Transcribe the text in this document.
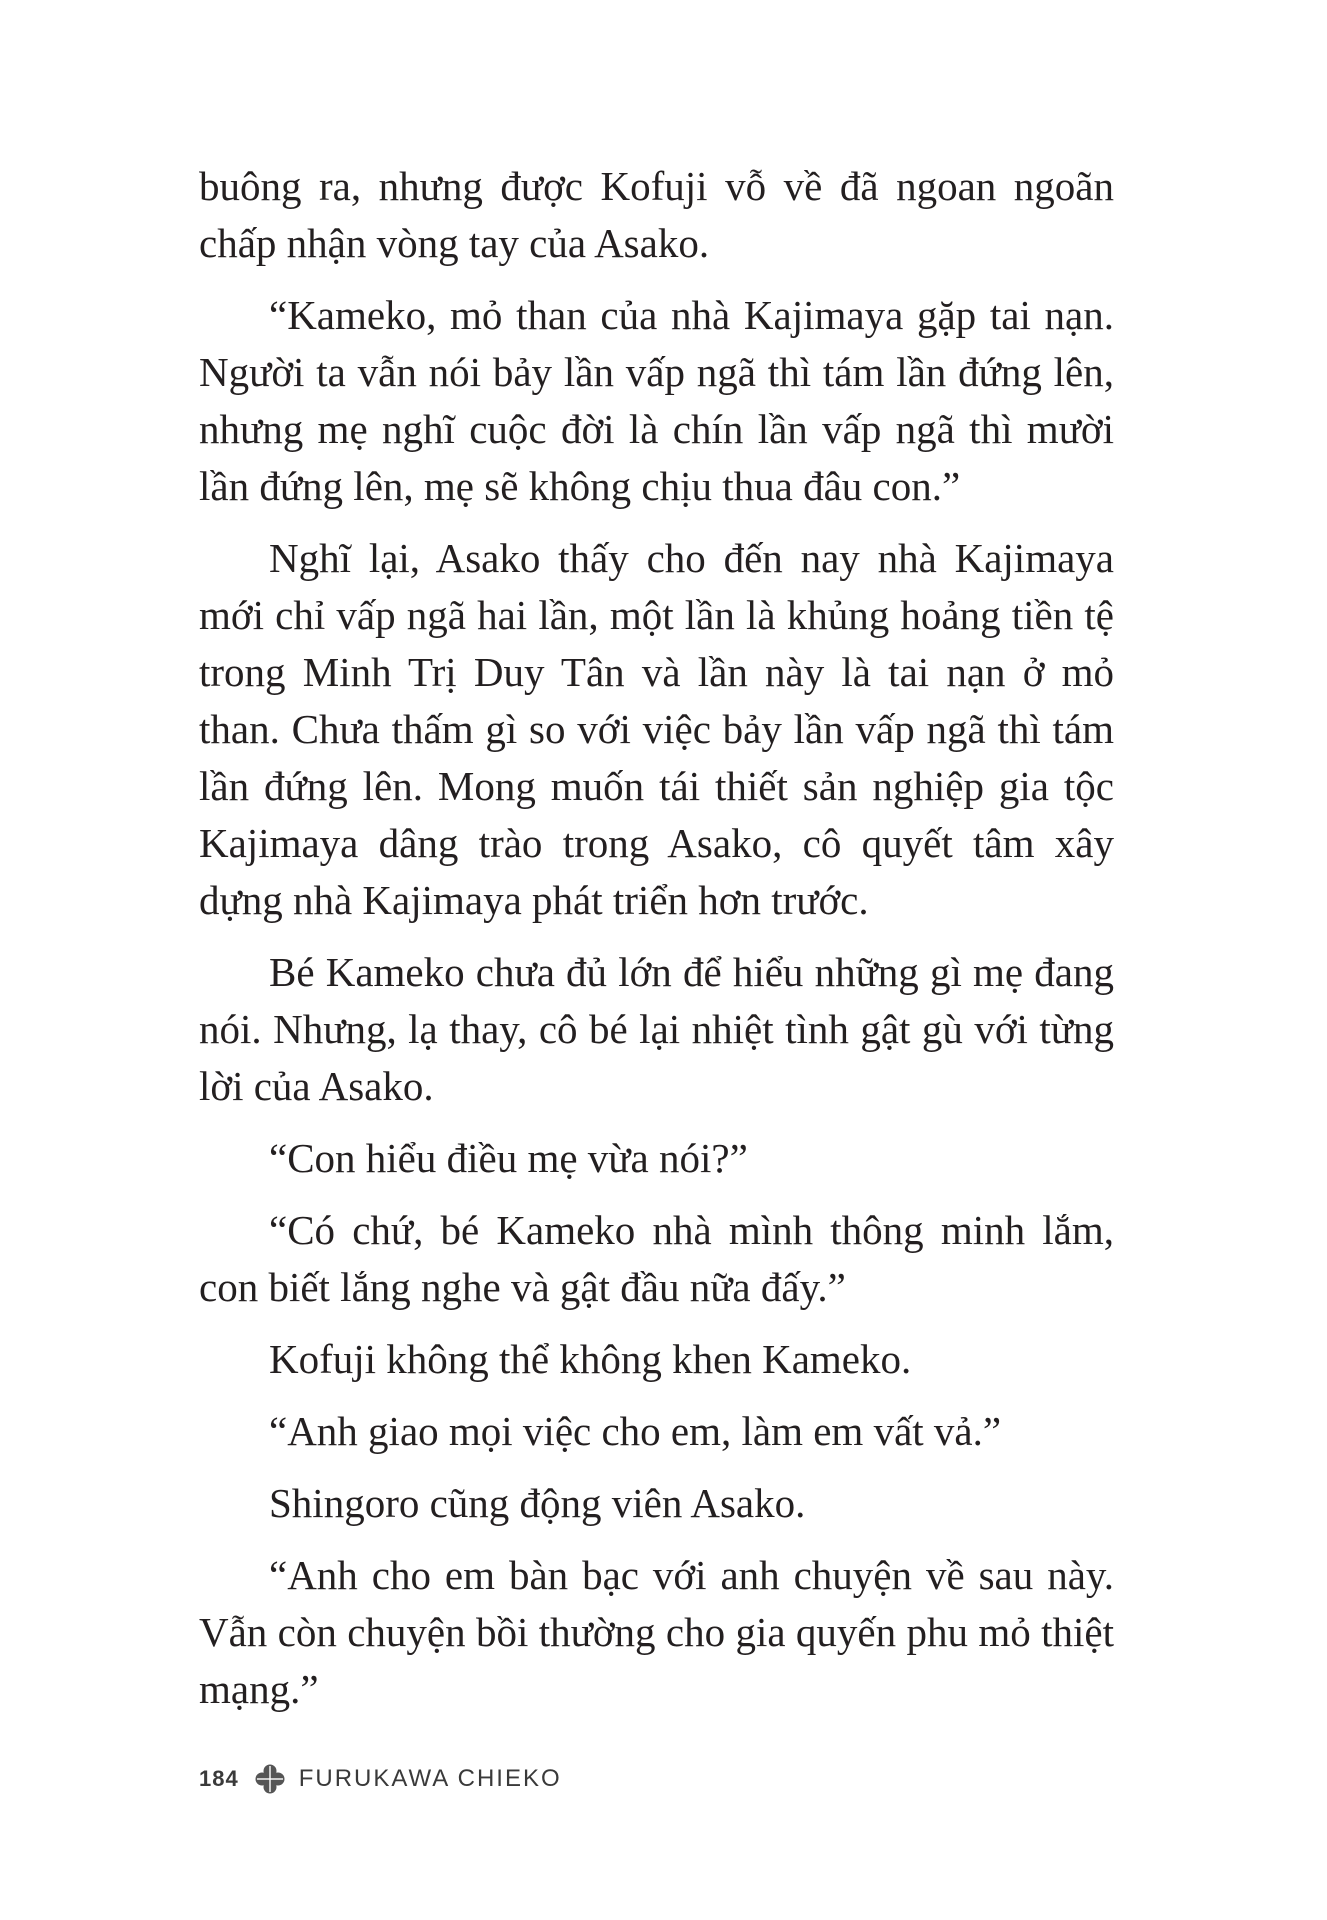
buông ra, nhưng được Kofuji vỗ về đã ngoan ngoãn chấp nhận vòng tay của Asako.

“Kameko, mỏ than của nhà Kajimaya gặp tai nạn. Người ta vẫn nói bảy lần vấp ngã thì tám lần đứng lên, nhưng mẹ nghĩ cuộc đời là chín lần vấp ngã thì mười lần đứng lên, mẹ sẽ không chịu thua đâu con.”

Nghĩ lại, Asako thấy cho đến nay nhà Kajimaya mới chỉ vấp ngã hai lần, một lần là khủng hoảng tiền tệ trong Minh Trị Duy Tân và lần này là tai nạn ở mỏ than. Chưa thấm gì so với việc bảy lần vấp ngã thì tám lần đứng lên. Mong muốn tái thiết sản nghiệp gia tộc Kajimaya dâng trào trong Asako, cô quyết tâm xây dựng nhà Kajimaya phát triển hơn trước.

Bé Kameko chưa đủ lớn để hiểu những gì mẹ đang nói. Nhưng, lạ thay, cô bé lại nhiệt tình gật gù với từng lời của Asako.

“Con hiểu điều mẹ vừa nói?”

“Có chứ, bé Kameko nhà mình thông minh lắm, con biết lắng nghe và gật đầu nữa đấy.”

Kofuji không thể không khen Kameko.

“Anh giao mọi việc cho em, làm em vất vả.”

Shingoro cũng động viên Asako.

“Anh cho em bàn bạc với anh chuyện về sau này. Vẫn còn chuyện bồi thường cho gia quyến phu mỏ thiệt mạng.”

184	FURUKAWA CHIEKO
